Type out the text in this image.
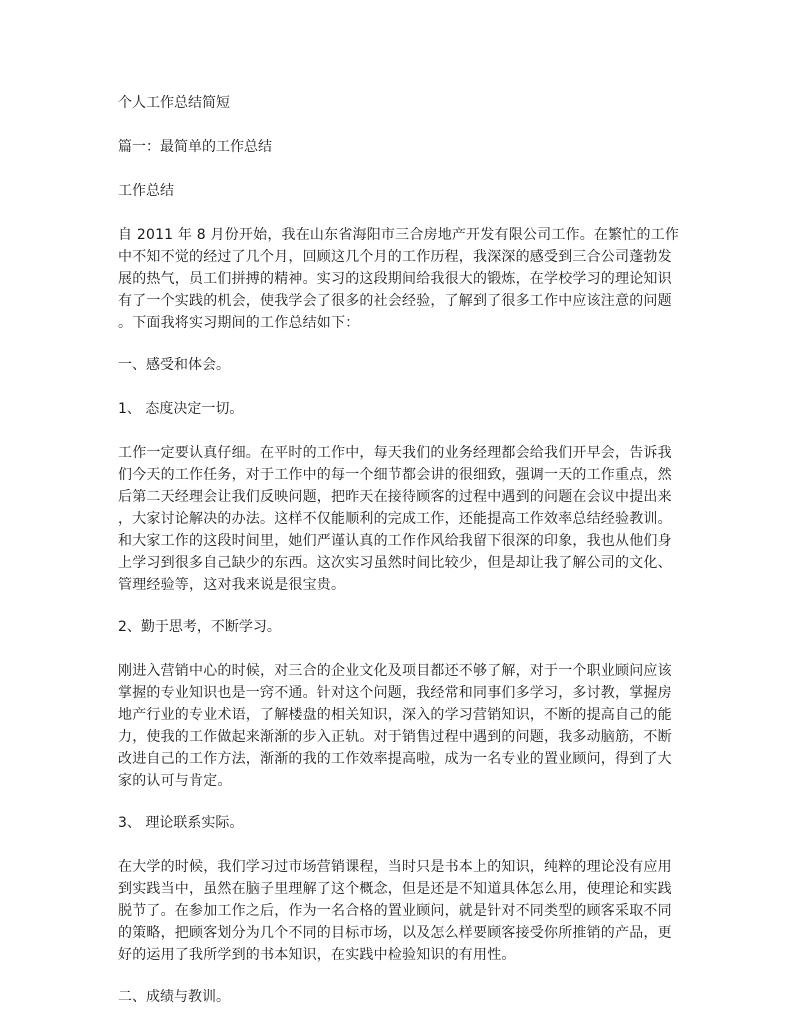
个人工作总结简短
篇一：最简单的工作总结
工作总结
自 2011 年 8 月份开始，我在山东省海阳市三合房地产开发有限公司工作。在繁忙的工作
中不知不觉的经过了几个月，回顾这几个月的工作历程，我深深的感受到三合公司蓬勃发
展的热气，员工们拼搏的精神。实习的这段期间给我很大的锻炼，在学校学习的理论知识
有了一个实践的机会，使我学会了很多的社会经验，了解到了很多工作中应该注意的问题
。下面我将实习期间的工作总结如下：
一、感受和体会。
1、 态度决定一切。
工作一定要认真仔细。在平时的工作中，每天我们的业务经理都会给我们开早会，告诉我
们今天的工作任务，对于工作中的每一个细节都会讲的很细致，强调一天的工作重点，然
后第二天经理会让我们反映问题，把昨天在接待顾客的过程中遇到的问题在会议中提出来
，大家讨论解决的办法。这样不仅能顺利的完成工作，还能提高工作效率总结经验教训。
和大家工作的这段时间里，她们严谨认真的工作作风给我留下很深的印象，我也从他们身
上学习到很多自己缺少的东西。这次实习虽然时间比较少，但是却让我了解公司的文化、
管理经验等，这对我来说是很宝贵。
2、勤于思考，不断学习。
刚进入营销中心的时候，对三合的企业文化及项目都还不够了解，对于一个职业顾问应该
掌握的专业知识也是一窍不通。针对这个问题，我经常和同事们多学习，多讨教，掌握房
地产行业的专业术语，了解楼盘的相关知识，深入的学习营销知识，不断的提高自己的能
力，使我的工作做起来渐渐的步入正轨。对于销售过程中遇到的问题，我多动脑筋，不断
改进自己的工作方法，渐渐的我的工作效率提高啦，成为一名专业的置业顾问，得到了大
家的认可与肯定。
3、 理论联系实际。
在大学的时候，我们学习过市场营销课程，当时只是书本上的知识，纯粹的理论没有应用
到实践当中，虽然在脑子里理解了这个概念，但是还是不知道具体怎么用，使理论和实践
脱节了。在参加工作之后，作为一名合格的置业顾问，就是针对不同类型的顾客采取不同
的策略，把顾客划分为几个不同的目标市场，以及怎么样要顾客接受你所推销的产品，更
好的运用了我所学到的书本知识，在实践中检验知识的有用性。
二、成绩与教训。
